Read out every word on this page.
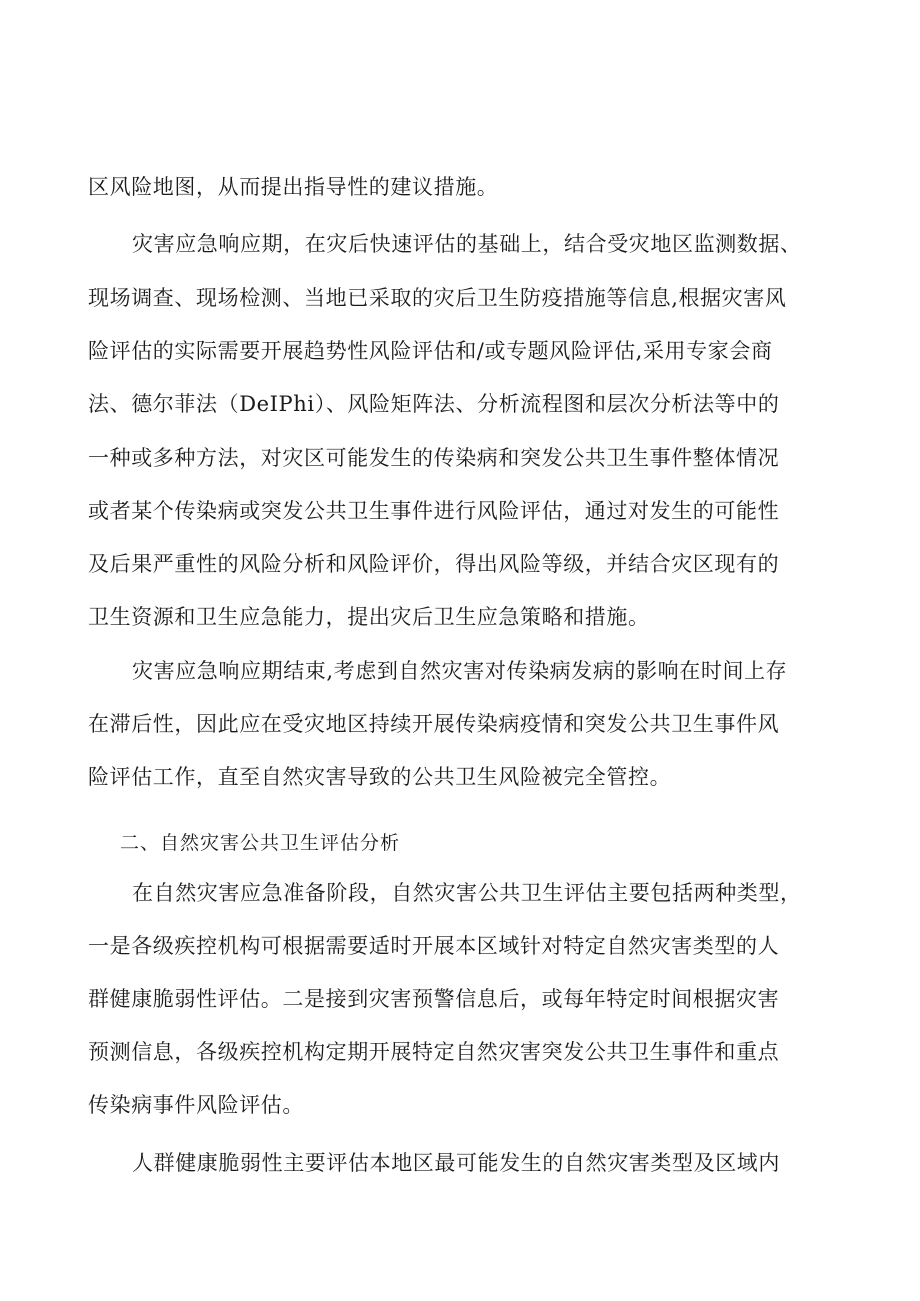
区风险地图，从而提出指导性的建议措施。

灾害应急响应期，在灾后快速评估的基础上，结合受灾地区监测数据、

现场调查、现场检测、当地已采取的灾后卫生防疫措施等信息,根据灾害风

险评估的实际需要开展趋势性风险评估和/或专题风险评估,采用专家会商

法、德尔菲法（DeIPhi）、风险矩阵法、分析流程图和层次分析法等中的

一种或多种方法，对灾区可能发生的传染病和突发公共卫生事件整体情况

或者某个传染病或突发公共卫生事件进行风险评估，通过对发生的可能性

及后果严重性的风险分析和风险评价，得出风险等级，并结合灾区现有的

卫生资源和卫生应急能力，提出灾后卫生应急策略和措施。

灾害应急响应期结束,考虑到自然灾害对传染病发病的影响在时间上存

在滞后性，因此应在受灾地区持续开展传染病疫情和突发公共卫生事件风

险评估工作，直至自然灾害导致的公共卫生风险被完全管控。

二、自然灾害公共卫生评估分析

在自然灾害应急准备阶段，自然灾害公共卫生评估主要包括两种类型，

一是各级疾控机构可根据需要适时开展本区域针对特定自然灾害类型的人

群健康脆弱性评估。二是接到灾害预警信息后，或每年特定时间根据灾害

预测信息，各级疾控机构定期开展特定自然灾害突发公共卫生事件和重点

传染病事件风险评估。

人群健康脆弱性主要评估本地区最可能发生的自然灾害类型及区域内
